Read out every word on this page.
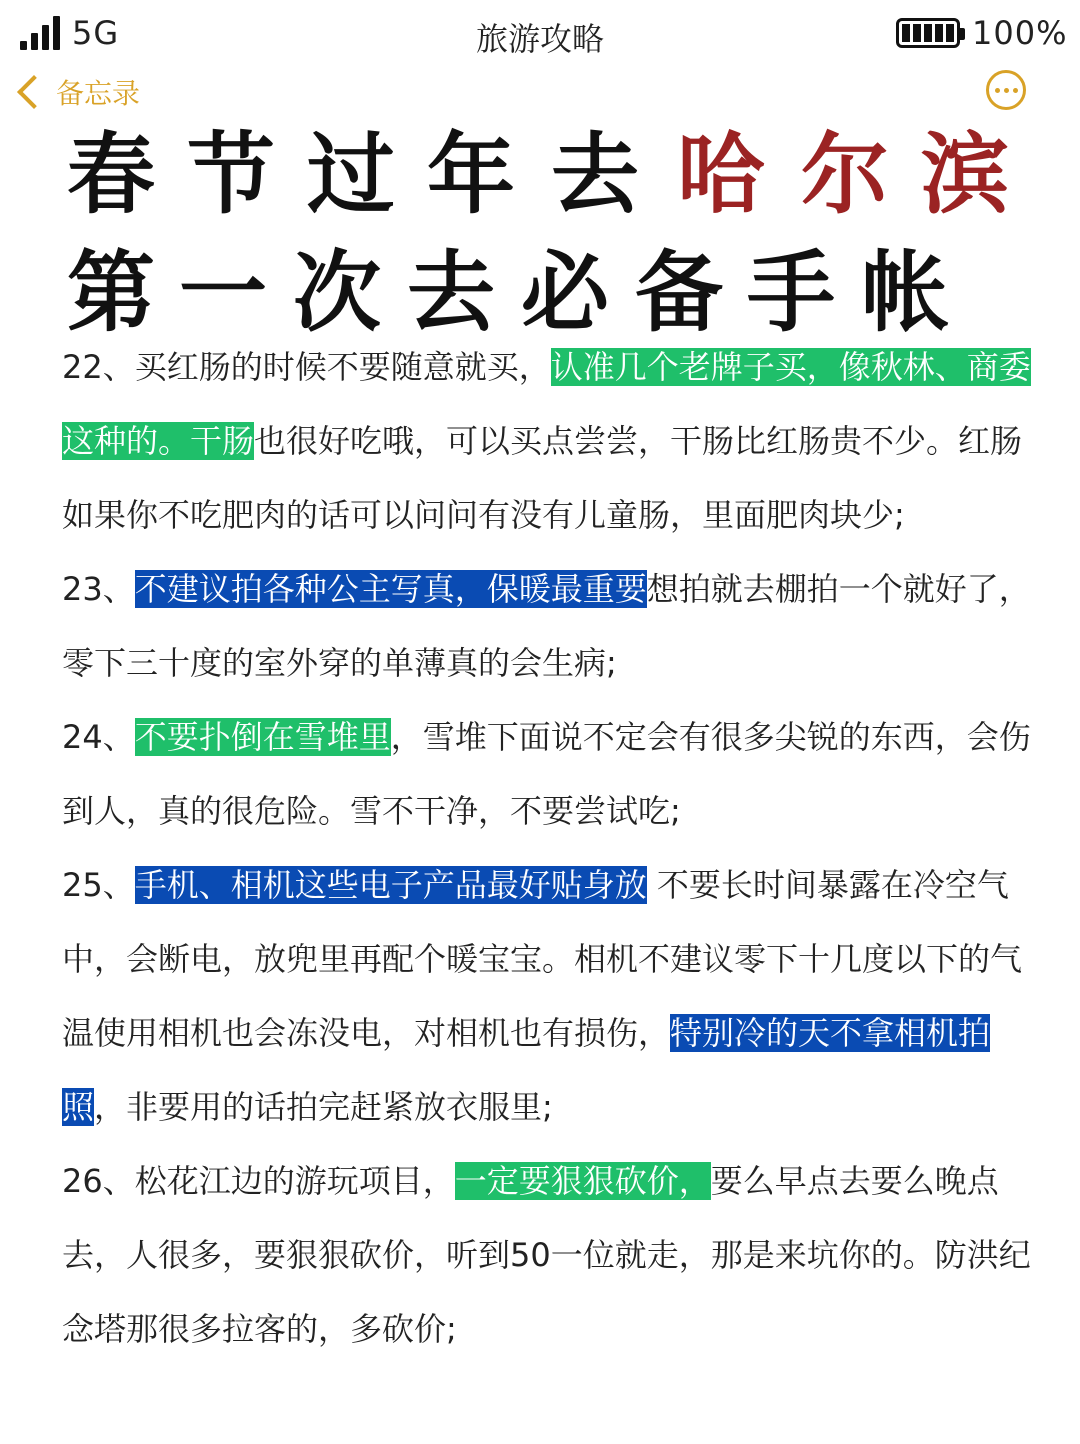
5G	旅游攻略	100%
备忘录
春 节 过 年 去 哈 尔 滨
第 一 次 去 必 备 手 帐

22、买红肠的时候不要随意就买，认准几个老牌子买，像秋林、商委这种的。干肠也很好吃哦，可以买点尝尝，干肠比红肠贵不少。红肠如果你不吃肥肉的话可以问问有没有儿童肠，里面肥肉块少;

23、不建议拍各种公主写真，保暖最重要想拍就去棚拍一个就好了，零下三十度的室外穿的单薄真的会生病;

24、不要扑倒在雪堆里，雪堆下面说不定会有很多尖锐的东西，会伤到人，真的很危险。雪不干净，不要尝试吃;

25、手机、相机这些电子产品最好贴身放 不要长时间暴露在冷空气中，会断电，放兜里再配个暖宝宝。相机不建议零下十几度以下的气温使用相机也会冻没电，对相机也有损伤，特别冷的天不拿相机拍照，非要用的话拍完赶紧放衣服里;

26、松花江边的游玩项目，一定要狠狠砍价，要么早点去要么晚点去，人很多，要狠狠砍价，听到50一位就走，那是来坑你的。防洪纪念塔那很多拉客的，多砍价;
